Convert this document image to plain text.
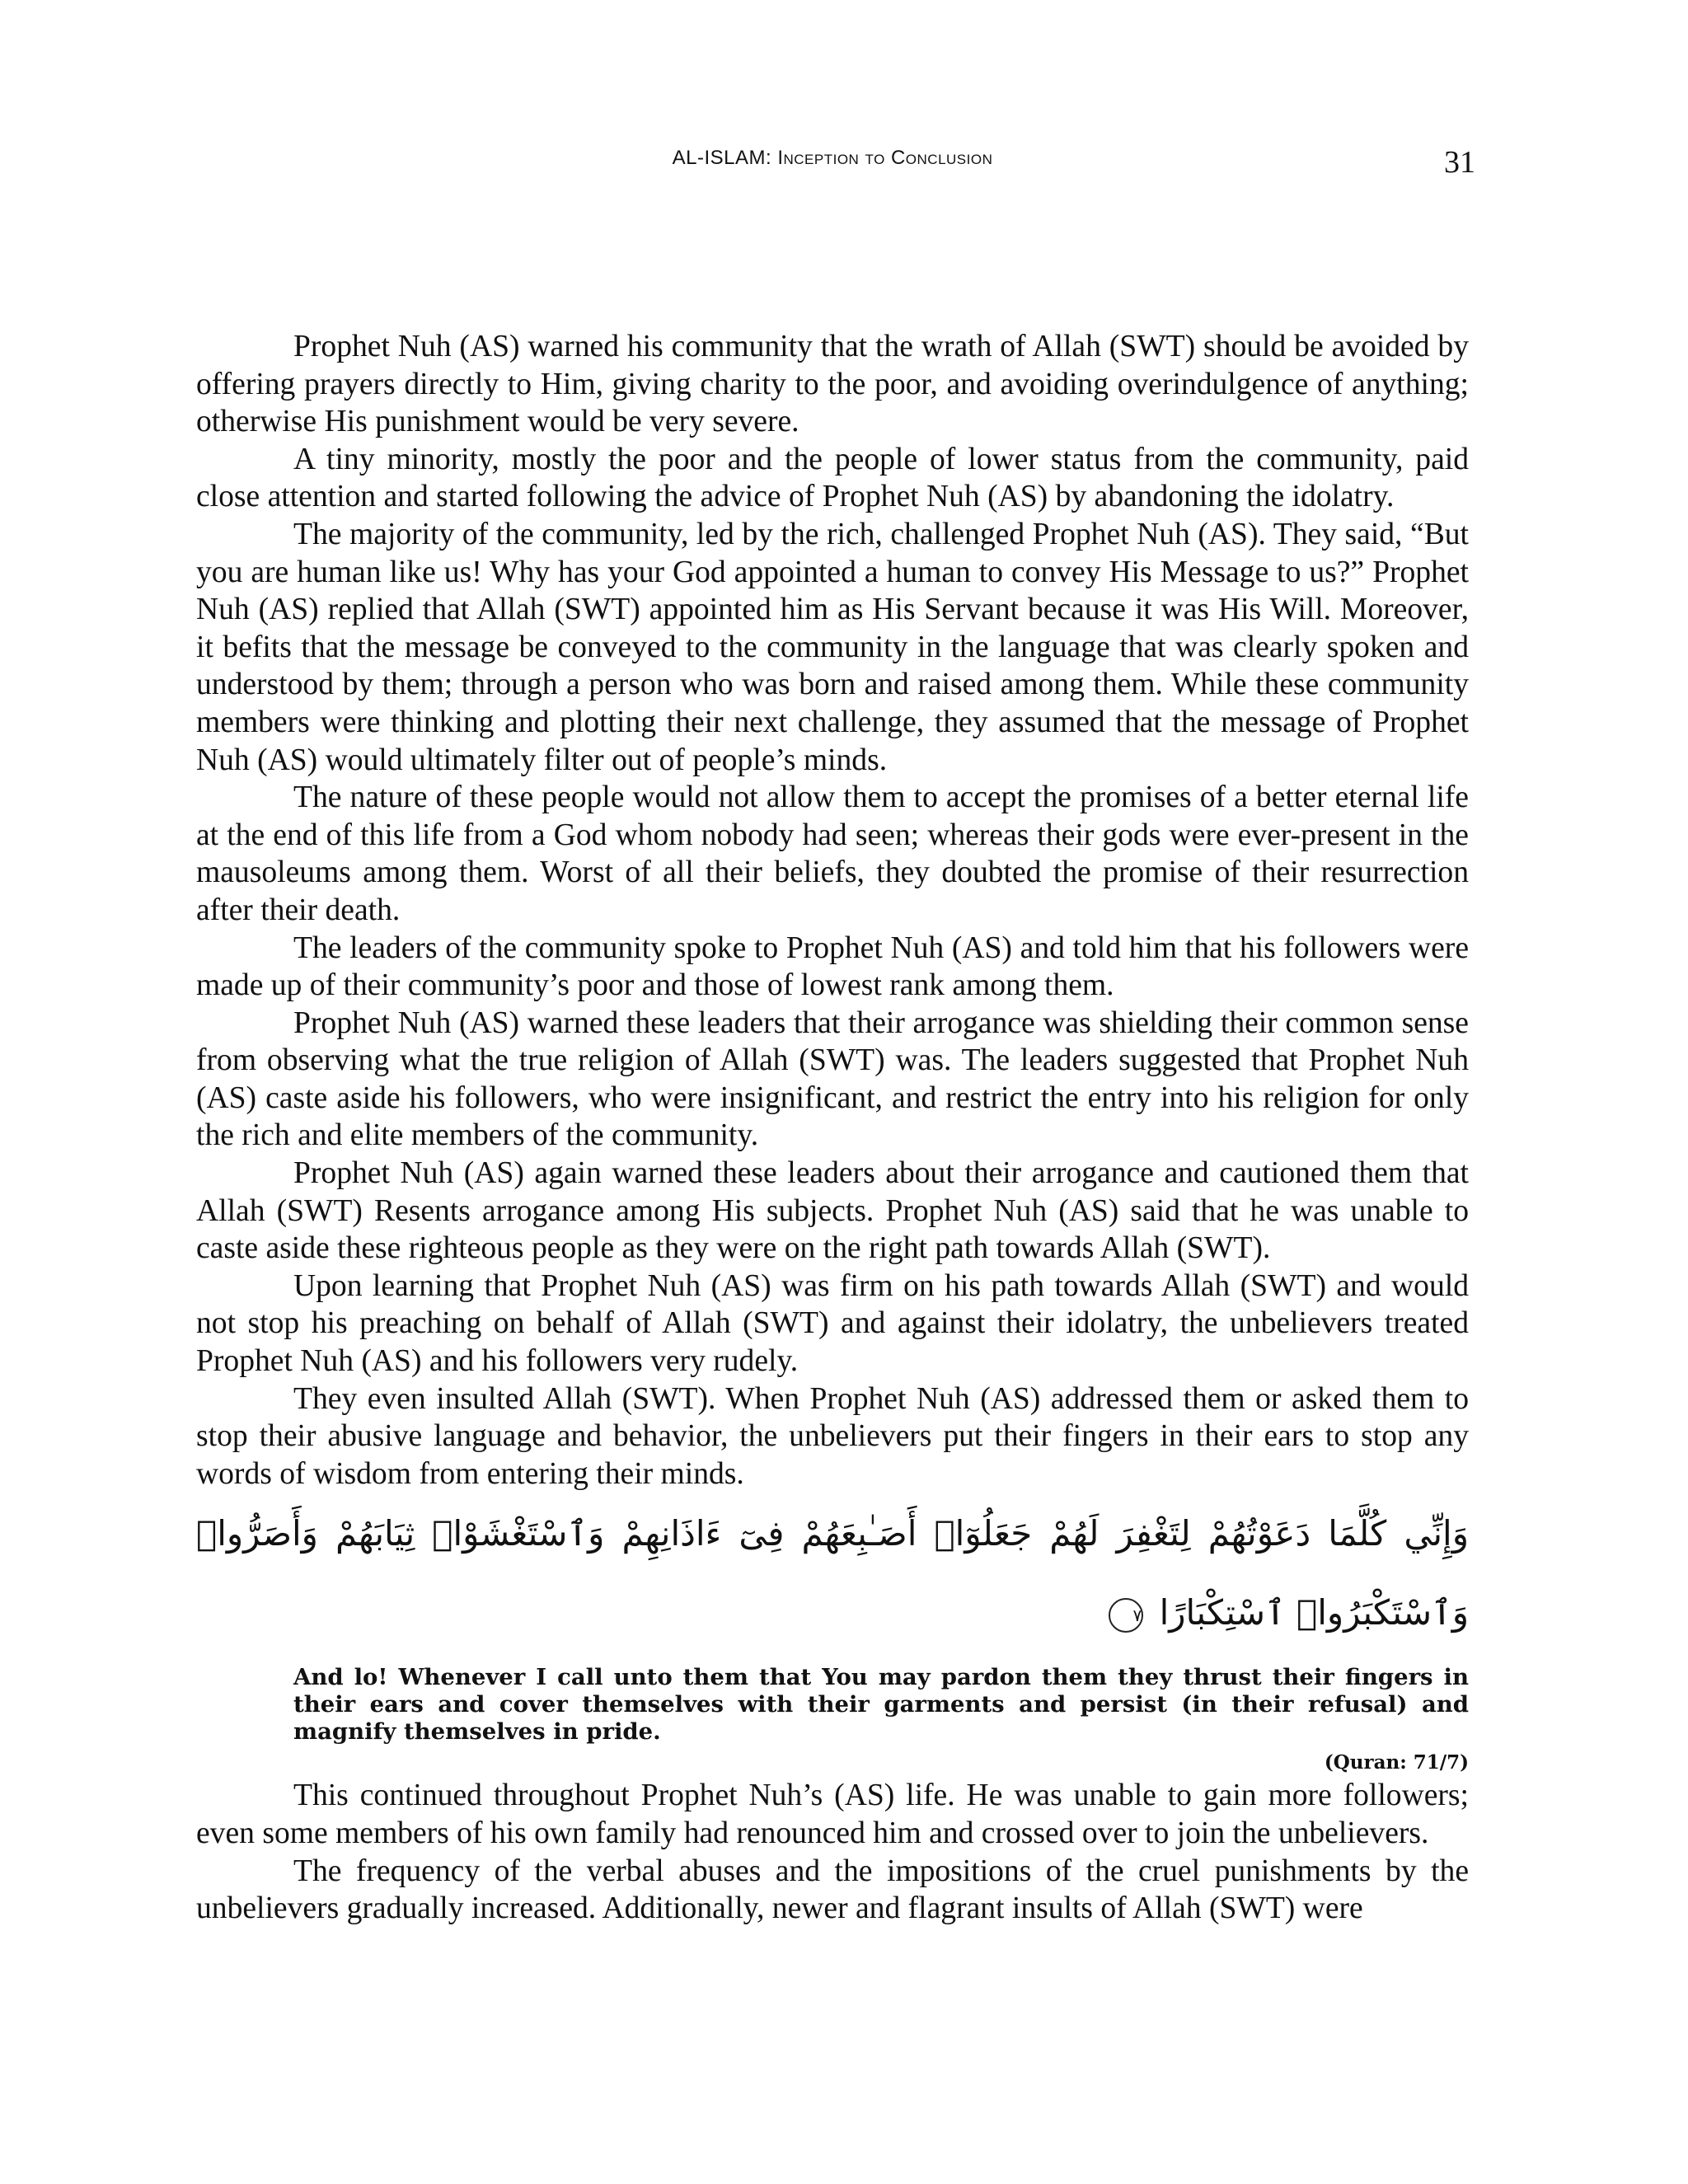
AL-ISLAM: Inception to Conclusion	31

Prophet Nuh (AS) warned his community that the wrath of Allah (SWT) should be avoided by offering prayers directly to Him, giving charity to the poor, and avoiding overindulgence of anything; otherwise His punishment would be very severe.

A tiny minority, mostly the poor and the people of lower status from the community, paid close attention and started following the advice of Prophet Nuh (AS) by abandoning the idolatry.

The majority of the community, led by the rich, challenged Prophet Nuh (AS). They said, “But you are human like us! Why has your God appointed a human to convey His Message to us?” Prophet Nuh (AS) replied that Allah (SWT) appointed him as His Servant because it was His Will. Moreover, it befits that the message be conveyed to the community in the language that was clearly spoken and understood by them; through a person who was born and raised among them. While these community members were thinking and plotting their next challenge, they assumed that the message of Prophet Nuh (AS) would ultimately filter out of people’s minds.

The nature of these people would not allow them to accept the promises of a better eternal life at the end of this life from a God whom nobody had seen; whereas their gods were ever-present in the mausoleums among them. Worst of all their beliefs, they doubted the promise of their resurrection after their death.

The leaders of the community spoke to Prophet Nuh (AS) and told him that his followers were made up of their community’s poor and those of lowest rank among them.

Prophet Nuh (AS) warned these leaders that their arrogance was shielding their common sense from observing what the true religion of Allah (SWT) was. The leaders suggested that Prophet Nuh (AS) caste aside his followers, who were insignificant, and restrict the entry into his religion for only the rich and elite members of the community.

Prophet Nuh (AS) again warned these leaders about their arrogance and cautioned them that Allah (SWT) Resents arrogance among His subjects. Prophet Nuh (AS) said that he was unable to caste aside these righteous people as they were on the right path towards Allah (SWT).

Upon learning that Prophet Nuh (AS) was firm on his path towards Allah (SWT) and would not stop his preaching on behalf of Allah (SWT) and against their idolatry, the unbelievers treated Prophet Nuh (AS) and his followers very rudely.

They even insulted Allah (SWT). When Prophet Nuh (AS) addressed them or asked them to stop their abusive language and behavior, the unbelievers put their fingers in their ears to stop any words of wisdom from entering their minds.

وَإِنِّي كُلَّمَا دَعَوْتُهُمْ لِتَغْفِرَ لَهُمْ جَعَلُوٓا۟ أَصَـٰبِعَهُمْ فِىٓ ءَاذَانِهِمْ وَٱسْتَغْشَوْا۟ ثِيَابَهُمْ وَأَصَرُّوا۟ وَٱسْتَكْبَرُوا۟ ٱسْتِكْبَارًا ٧
And lo! Whenever I call unto them that You may pardon them they thrust their fingers in their ears and cover themselves with their garments and persist (in their refusal) and magnify themselves in pride.
(Quran: 71/7)

This continued throughout Prophet Nuh’s (AS) life. He was unable to gain more followers; even some members of his own family had renounced him and crossed over to join the unbelievers.

The frequency of the verbal abuses and the impositions of the cruel punishments by the unbelievers gradually increased. Additionally, newer and flagrant insults of Allah (SWT) were
